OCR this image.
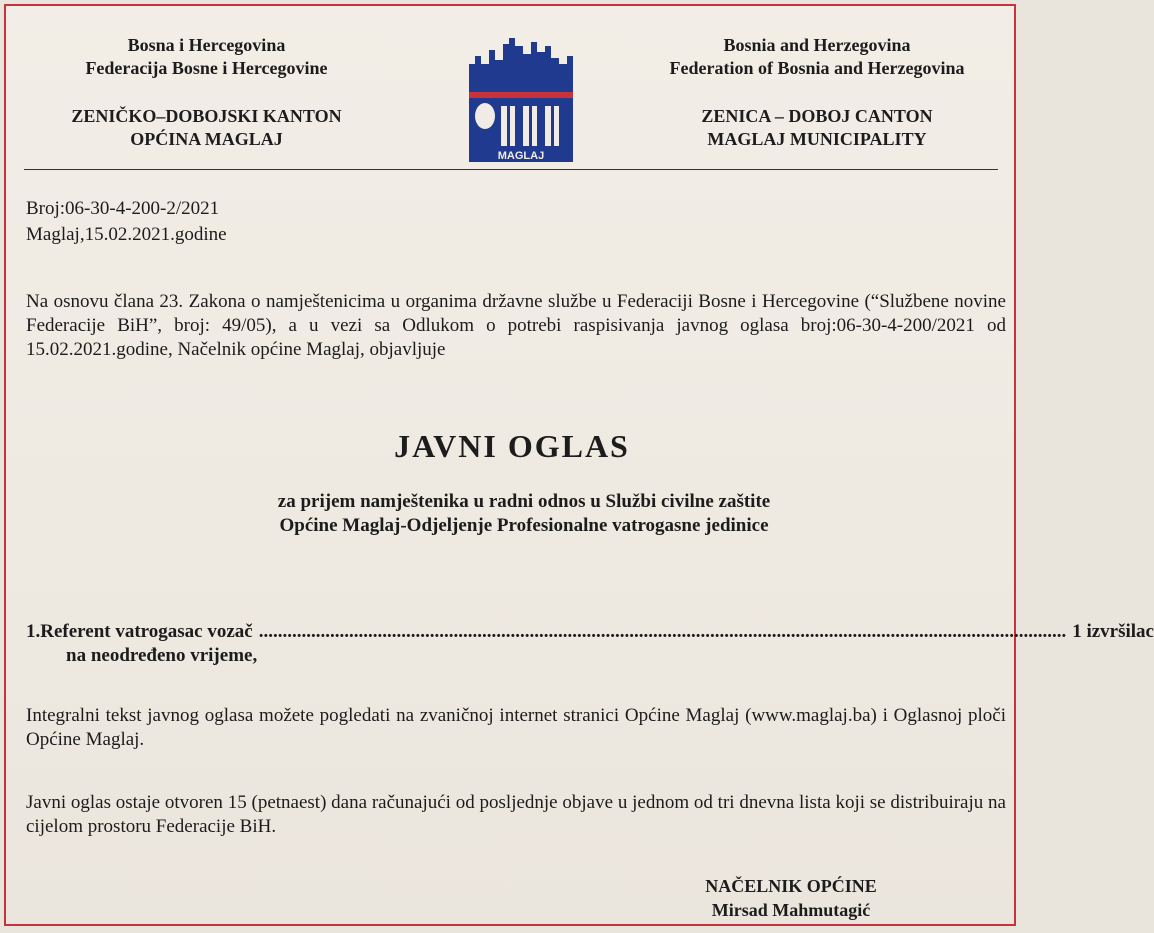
Bosna i Hercegovina
Federacija Bosne i Hercegovine
ZENIČKO–DOBOJSKI KANTON
OPĆINA MAGLAJ
MAGLAJ
Bosnia and Herzegovina
Federation of Bosnia and Herzegovina
ZENICA – DOBOJ CANTON
MAGLAJ MUNICIPALITY
Broj:06-30-4-200-2/2021
Maglaj,15.02.2021.godine
Na osnovu člana 23. Zakona o namještenicima u organima državne službe u Federaciji Bosne i Hercegovine (“Službene novine Federacije BiH”, broj: 49/05), a u vezi sa Odlukom o potrebi raspisivanja javnog oglasa broj:06-30-4-200/2021 od 15.02.2021.godine, Načelnik općine Maglaj, objavljuje
JAVNI OGLAS
za prijem namještenika u radni odnos u Službi civilne zaštite
Općine Maglaj-Odjeljenje Profesionalne vatrogasne jedinice
1. Referent vatrogasac vozač .......................................................................................................................................................................... 1 izvršilac
na neodređeno vrijeme,
Integralni tekst javnog oglasa možete pogledati na zvaničnoj internet stranici Općine Maglaj (www.maglaj.ba) i Oglasnoj ploči Općine Maglaj.
Javni oglas ostaje otvoren 15 (petnaest) dana računajući od posljednje objave u jednom od tri dnevna lista koji se distribuiraju na cijelom prostoru Federacije BiH.
NAČELNIK OPĆINE
Mirsad Mahmutagić
